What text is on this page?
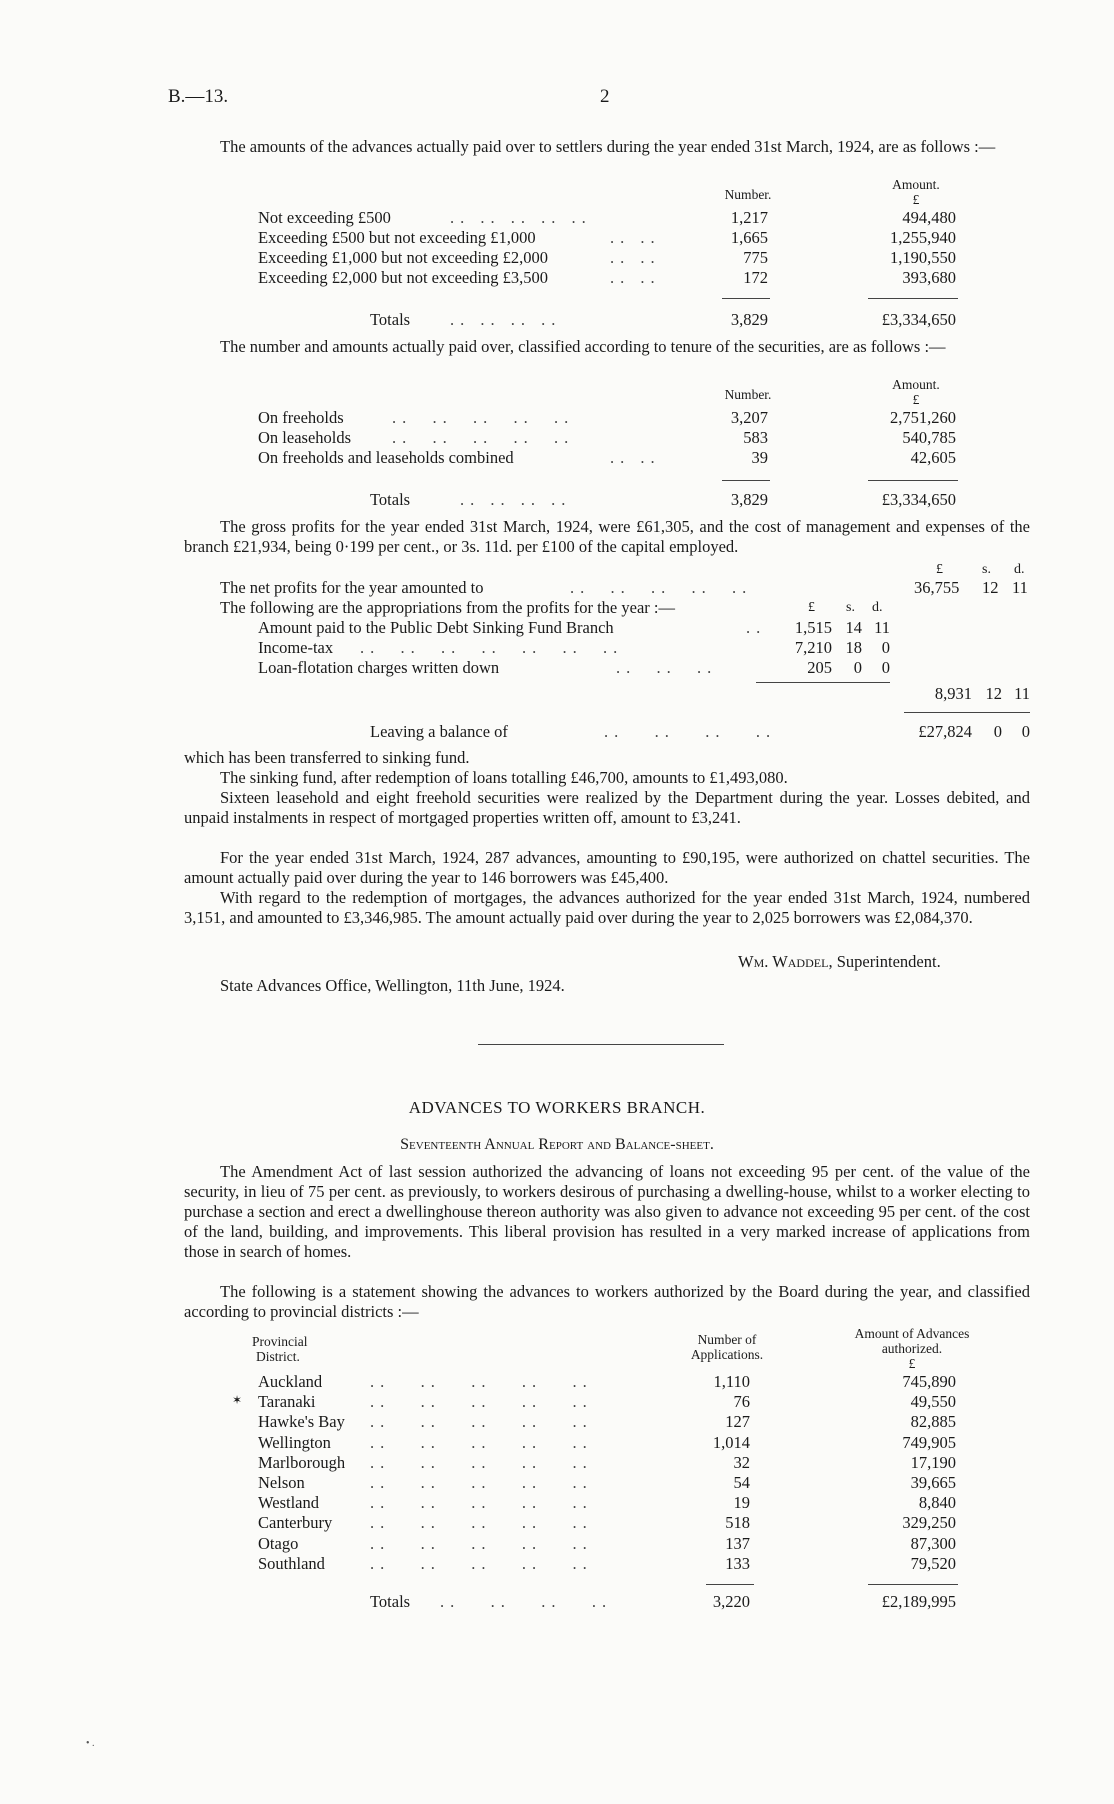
B.—13.	2

The amounts of the advances actually paid over to settlers during the year ended 31st March, 1924, are as follows :—

Number.
Amount.
£
Not exceeding £500	.. .. .. .. ..	1,217	494,480
Exceeding £500 but not exceeding £1,000	.. ..	1,665	1,255,940
Exceeding £1,000 but not exceeding £2,000	.. ..	775	1,190,550
Exceeding £2,000 but not exceeding £3,500	.. ..	172	393,680
Totals .. .. .. ..	3,829	£3,334,650

The number and amounts actually paid over, classified according to tenure of the securities, are as follows :—

Number.
Amount.
£
On freeholds	..  ..  ..  ..  ..	3,207	2,751,260
On leaseholds ..  ..  ..  ..  ..	583	540,785
On freeholds and leaseholds combined	.. ..	39	42,605
Totals	.. .. .. ..	3,829	£3,334,650

The gross profits for the year ended 31st March, 1924, were £61,305, and the cost of management and expenses of the branch £21,934, being 0·199 per cent., or 3s. 11d. per £100 of the capital employed.

£	s. d.
The net profits for the year amounted to	..  ..  ..  ..  ..	36,755 12 11
The following are the appropriations from the profits for the year :—	£ s. d.
Amount paid to the Public Debt Sinking Fund Branch	..	1,515 14 11
Income-tax ..  ..  ..  ..  ..  ..  ..	7,210 18	0
Loan-flotation charges written down	..  ..  ..	205	0	0
8,931 12 11
Leaving a balance of	..   ..   ..   ..	£27,824	0	0

which has been transferred to sinking fund.

The sinking fund, after redemption of loans totalling £46,700, amounts to £1,493,080.

Sixteen leasehold and eight freehold securities were realized by the Department during the year. Losses debited, and unpaid instalments in respect of mortgaged properties written off, amount to £3,241.

For the year ended 31st March, 1924, 287 advances, amounting to £90,195, were authorized on chattel securities. The amount actually paid over during the year to 146 borrowers was £45,400.

With regard to the redemption of mortgages, the advances authorized for the year ended 31st March, 1924, numbered 3,151, and amounted to £3,346,985. The amount actually paid over during the year to 2,025 borrowers was £2,084,370.

Wm. Waddel, Superintendent.
State Advances Office, Wellington, 11th June, 1924.
ADVANCES TO WORKERS BRANCH.
Seventeenth Annual Report and Balance-sheet.

The Amendment Act of last session authorized the advancing of loans not exceeding 95 per cent. of the value of the security, in lieu of 75 per cent. as previously, to workers desirous of purchasing a dwelling-house, whilst to a worker electing to purchase a section and erect a dwellinghouse thereon authority was also given to advance not exceeding 95 per cent. of the cost of the land, building, and improvements. This liberal provision has resulted in a very marked increase of applications from those in search of homes.

The following is a statement showing the advances to workers authorized by the Board during the year, and classified according to provincial districts :—

Provincial
District.
Number of
Applications.
Amount of Advances
authorized.
£
Auckland	..   ..   ..   ..   ..	1,110	745,890
Taranaki	..   ..   ..   ..   ..	76	49,550
Hawke's Bay ..   ..   ..   ..   ..	127	82,885
Wellington ..   ..   ..   ..   ..	1,014	749,905
Marlborough ..   ..   ..   ..   ..	32	17,190
Nelson	..   ..   ..   ..   ..	54	39,665
Westland	..   ..   ..   ..   ..	19	8,840
Canterbury ..   ..   ..   ..   ..	518	329,250
Otago	..   ..   ..   ..   ..	137	87,300
Southland	..   ..   ..   ..   ..	133	79,520
Totals ..   ..   ..   ..	3,220	£2,189,995
✶
• .
